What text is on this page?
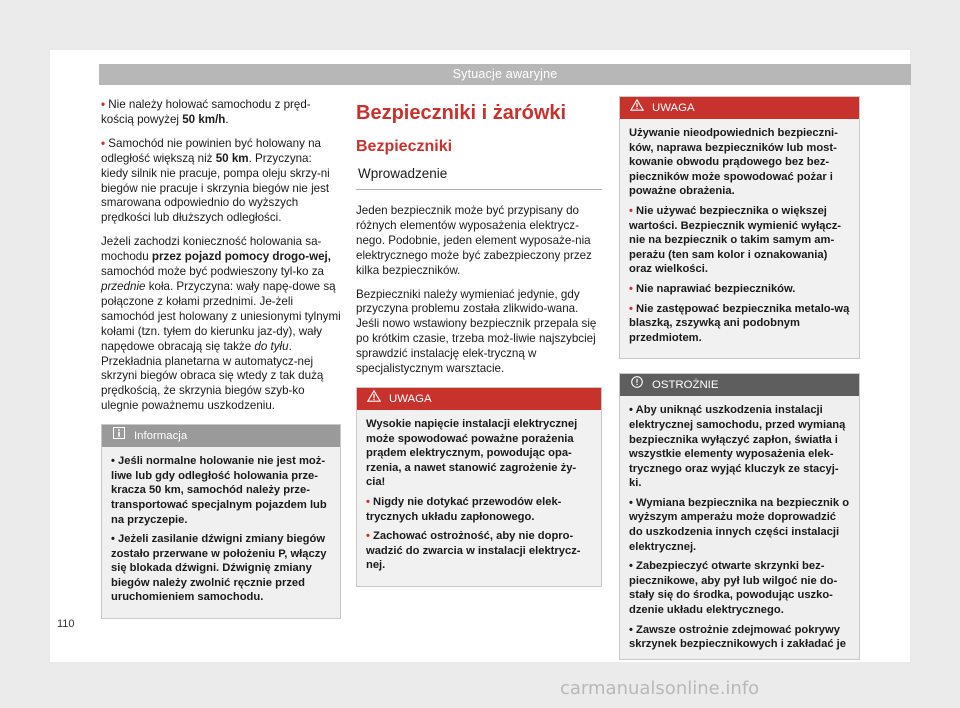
Sytuacje awaryjne

• Nie należy holować samochodu z pręd-kością powyżej 50 km/h.

• Samochód nie powinien być holowany na odległość większą niż 50 km. Przyczyna: kiedy silnik nie pracuje, pompa oleju skrzy-ni biegów nie pracuje i skrzynia biegów nie jest smarowana odpowiednio do wyższych prędkości lub dłuższych odległości.

Jeżeli zachodzi konieczność holowania sa-mochodu przez pojazd pomocy drogo-wej, samochód może być podwieszony tyl-ko za przednie koła. Przyczyna: wały napę-dowe są połączone z kołami przednimi. Je-żeli samochód jest holowany z uniesionymi tylnymi kołami (tzn. tyłem do kierunku jaz-dy), wały napędowe obracają się także do tyłu. Przekładnia planetarna w automatycz-nej skrzyni biegów obraca się wtedy z tak dużą prędkością, że skrzynia biegów szyb-ko ulegnie poważnemu uszkodzeniu.

Informacja

• Jeśli normalne holowanie nie jest moż-liwe lub gdy odległość holowania prze-kracza 50 km, samochód należy prze-transportować specjalnym pojazdem lub na przyczepie.

• Jeżeli zasilanie dźwigni zmiany biegów zostało przerwane w położeniu P, włączy się blokada dźwigni. Dźwignię zmiany biegów należy zwolnić ręcznie przed uruchomieniem samochodu.

Bezpieczniki i żarówki
Bezpieczniki
Wprowadzenie

Jeden bezpiecznik może być przypisany do różnych elementów wyposażenia elektrycz-nego. Podobnie, jeden element wyposaże-nia elektrycznego może być zabezpieczony przez kilka bezpieczników.

Bezpieczniki należy wymieniać jedynie, gdy przyczyna problemu została zlikwido-wana. Jeśli nowo wstawiony bezpiecznik przepala się po krótkim czasie, trzeba moż-liwie najszybciej sprawdzić instalację elek-tryczną w specjalistycznym warsztacie.

UWAGA

Wysokie napięcie instalacji elektrycznej może spowodować poważne porażenia prądem elektrycznym, powodując opa-rzenia, a nawet stanowić zagrożenie ży-cia!

• Nigdy nie dotykać przewodów elek-trycznych układu zapłonowego.

• Zachować ostrożność, aby nie dopro-wadzić do zwarcia w instalacji elektrycz-nej.

UWAGA

Używanie nieodpowiednich bezpieczni-ków, naprawa bezpieczników lub most-kowanie obwodu prądowego bez bez-pieczników może spowodować pożar i poważne obrażenia.

• Nie używać bezpiecznika o większej wartości. Bezpiecznik wymienić wyłącz-nie na bezpiecznik o takim samym am-perażu (ten sam kolor i oznakowania) oraz wielkości.

• Nie naprawiać bezpieczników.

• Nie zastępować bezpiecznika metalo-wą blaszką, zszywką ani podobnym przedmiotem.

OSTROŻNIE

• Aby uniknąć uszkodzenia instalacji elektrycznej samochodu, przed wymianą bezpiecznika wyłączyć zapłon, światła i wszystkie elementy wyposażenia elek-trycznego oraz wyjąć kluczyk ze stacyj-ki.

• Wymiana bezpiecznika na bezpiecznik o wyższym amperażu może doprowadzić do uszkodzenia innych części instalacji elektrycznej.

• Zabezpieczyć otwarte skrzynki bez-piecznikowe, aby pył lub wilgoć nie do-stały się do środka, powodując uszko-dzenie układu elektrycznego.

• Zawsze ostrożnie zdejmować pokrywy skrzynek bezpiecznikowych i zakładać je

110
carmanualsonline.info
